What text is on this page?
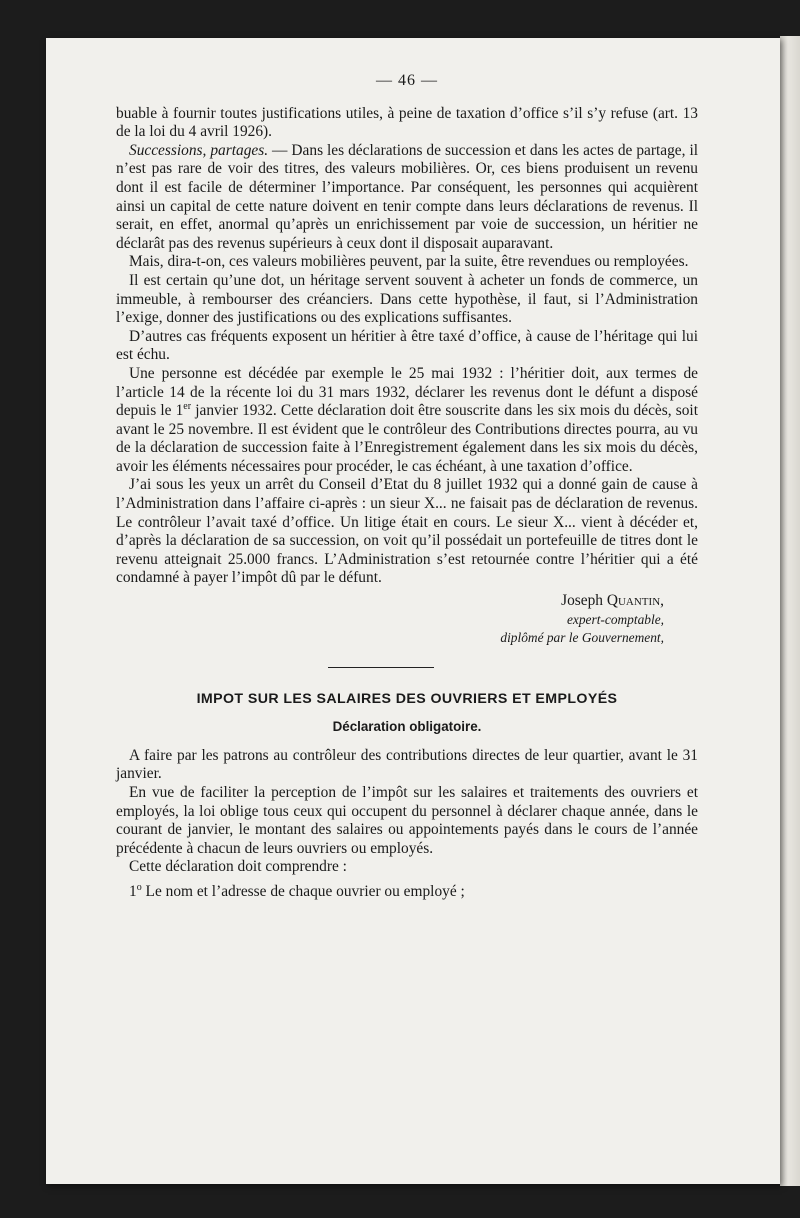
— 46 —

buable à fournir toutes justifications utiles, à peine de taxation d’office s’il s’y refuse (art. 13 de la loi du 4 avril 1926).

Successions, partages. — Dans les déclarations de succession et dans les actes de partage, il n’est pas rare de voir des titres, des valeurs mobilières. Or, ces biens produisent un revenu dont il est facile de déterminer l’importance. Par conséquent, les personnes qui acquièrent ainsi un capital de cette nature doivent en tenir compte dans leurs déclarations de revenus. Il serait, en effet, anormal qu’après un enrichissement par voie de succession, un héritier ne déclarât pas des revenus supérieurs à ceux dont il disposait auparavant.

Mais, dira-t-on, ces valeurs mobilières peuvent, par la suite, être revendues ou remployées.

Il est certain qu’une dot, un héritage servent souvent à acheter un fonds de commerce, un immeuble, à rembourser des créanciers. Dans cette hypothèse, il faut, si l’Administration l’exige, donner des justifications ou des explications suffisantes.

D’autres cas fréquents exposent un héritier à être taxé d’office, à cause de l’héritage qui lui est échu.

Une personne est décédée par exemple le 25 mai 1932 : l’héritier doit, aux termes de l’article 14 de la récente loi du 31 mars 1932, déclarer les revenus dont le défunt a disposé depuis le 1er janvier 1932. Cette déclaration doit être souscrite dans les six mois du décès, soit avant le 25 novembre. Il est évident que le contrôleur des Contributions directes pourra, au vu de la déclaration de succession faite à l’Enregistrement également dans les six mois du décès, avoir les éléments nécessaires pour procéder, le cas échéant, à une taxation d’office.

J’ai sous les yeux un arrêt du Conseil d’Etat du 8 juillet 1932 qui a donné gain de cause à l’Administration dans l’affaire ci-après : un sieur X... ne faisait pas de déclaration de revenus. Le contrôleur l’avait taxé d’office. Un litige était en cours. Le sieur X... vient à décéder et, d’après la déclaration de sa succession, on voit qu’il possédait un portefeuille de titres dont le revenu atteignait 25.000 francs. L’Administration s’est retournée contre l’héritier qui a été condamné à payer l’impôt dû par le défunt.

Joseph Quantin,
expert-comptable,
diplômé par le Gouvernement,
IMPOT SUR LES SALAIRES DES OUVRIERS ET EMPLOYÉS
Déclaration obligatoire.

A faire par les patrons au contrôleur des contributions directes de leur quartier, avant le 31 janvier.

En vue de faciliter la perception de l’impôt sur les salaires et traitements des ouvriers et employés, la loi oblige tous ceux qui occupent du personnel à déclarer chaque année, dans le courant de janvier, le montant des salaires ou appointements payés dans le cours de l’année précédente à chacun de leurs ouvriers ou employés.

Cette déclaration doit comprendre :

1$^o$ Le nom et l’adresse de chaque ouvrier ou employé ;
